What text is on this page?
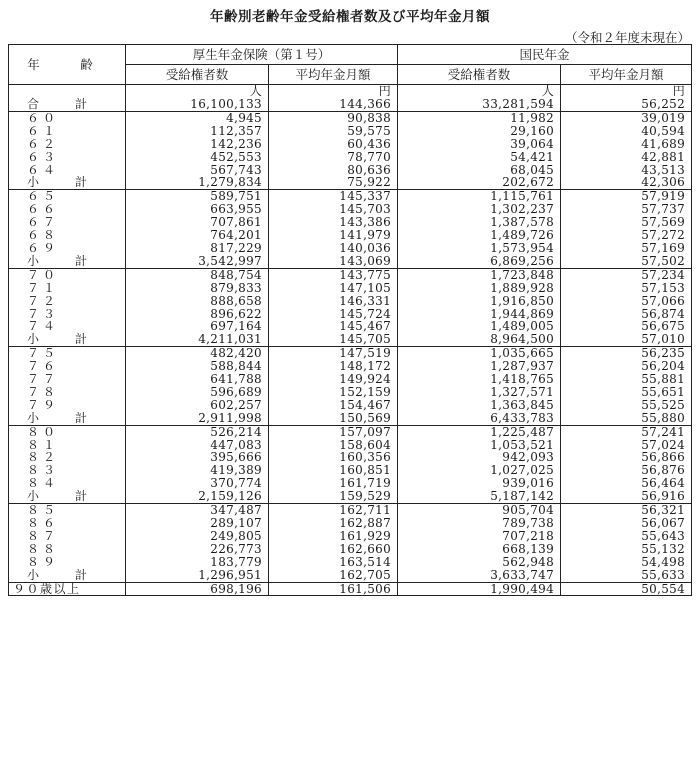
年齢別老齢年金受給権者数及び平均年金月額
（令和２年度末現在）
年　齢	厚生年金保険（第１号）		国民年金	
	受給権者数	平均年金月額	受給権者数	平均年金月額
	人	円	人	円
合　計	16,100,133	144,366	33,281,594	56,252
６０	4,945	90,838	11,982	39,019
６１	112,357	59,575	29,160	40,594
６２	142,236	60,436	39,064	41,689
６３	452,553	78,770	54,421	42,881
６４	567,743	80,636	68,045	43,513
小　計	1,279,834	75,922	202,672	42,306
６５	589,751	145,337	1,115,761	57,919
６６	663,955	145,703	1,302,237	57,737
６７	707,861	143,386	1,387,578	57,569
６８	764,201	141,979	1,489,726	57,272
６９	817,229	140,036	1,573,954	57,169
小　計	3,542,997	143,069	6,869,256	57,502
７０	848,754	143,775	1,723,848	57,234
７１	879,833	147,105	1,889,928	57,153
７２	888,658	146,331	1,916,850	57,066
７３	896,622	145,724	1,944,869	56,874
７４	697,164	145,467	1,489,005	56,675
小　計	4,211,031	145,705	8,964,500	57,010
７５	482,420	147,519	1,035,665	56,235
７６	588,844	148,172	1,287,937	56,204
７７	641,788	149,924	1,418,765	55,881
７８	596,689	152,159	1,327,571	55,651
７９	602,257	154,467	1,363,845	55,525
小　計	2,911,998	150,569	6,433,783	55,880
８０	526,214	157,097	1,225,487	57,241
８１	447,083	158,604	1,053,521	57,024
８２	395,666	160,356	942,093	56,866
８３	419,389	160,851	1,027,025	56,876
８４	370,774	161,719	939,016	56,464
小　計	2,159,126	159,529	5,187,142	56,916
８５	347,487	162,711	905,704	56,321
８６	289,107	162,887	789,738	56,067
８７	249,805	161,929	707,218	55,643
８８	226,773	162,660	668,139	55,132
８９	183,779	163,514	562,948	54,498
小　計	1,296,951	162,705	3,633,747	55,633
９０歳以上	698,196	161,506	1,990,494	50,554
